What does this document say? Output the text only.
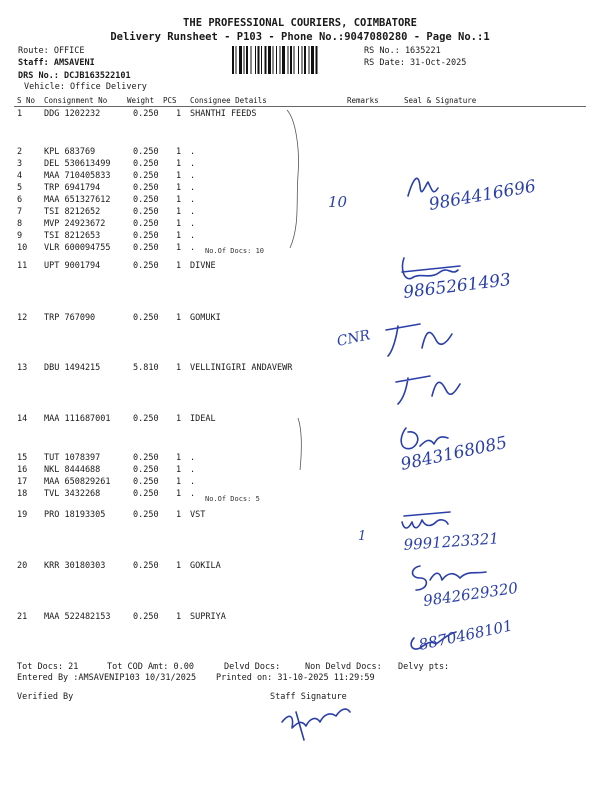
THE PROFESSIONAL COURIERS, COIMBATORE
Delivery Runsheet - P103 - Phone No.:9047080280 - Page No.:1
Route: OFFICE
Staff: AMSAVENI
DRS No.: DCJB163522101
Vehicle: Office Delivery
RS No.: 1635221
RS Date: 31-Oct-2025
S No Consignment No	Weight PCS Consignee Details	Remarks	Seal & Signature
1	DDG 1202232	0.250 1 SHANTHI FEEDS
2	KPL 683769	0.250 1 .
3	DEL 530613499	0.250 1 .
4	MAA 710405833	0.250 1 .
5	TRP 6941794	0.250 1 .
6	MAA 651327612	0.250 1 .
7	TSI 8212652	0.250 1 .
8	MVP 24923672	0.250 1 .
9	TSI 8212653	0.250 1 .
10 VLR 600094755	0.250 1 .
11 UPT 9001794	0.250 1 DIVNE
12 TRP 767090	0.250 1 GOMUKI
13 DBU 1494215	5.810 1 VELLINIGIRI ANDAVEWR
14 MAA 111687001	0.250 1 IDEAL
15 TUT 1078397	0.250 1 .
16 NKL 8444688	0.250 1 .
17 MAA 650829261	0.250 1 .
18 TVL 3432268	0.250 1 .
19 PRO 18193305	0.250 1 VST
20 KRR 30180303	0.250 1 GOKILA
21 MAA 522482153	0.250 1 SUPRIYA
No.Of Docs: 10
No.Of Docs: 5
10	9864416696
9865261493
CNR
9843168085
1 9991223321
9842629320
8870468101
Tot Docs: 21	Tot COD Amt: 0.00	Delvd Docs:	Non Delvd Docs: Delvy pts:
Entered By :AMSAVENIP103 10/31/2025 Printed on: 31-10-2025 11:29:59
Verified By	Staff Signature
